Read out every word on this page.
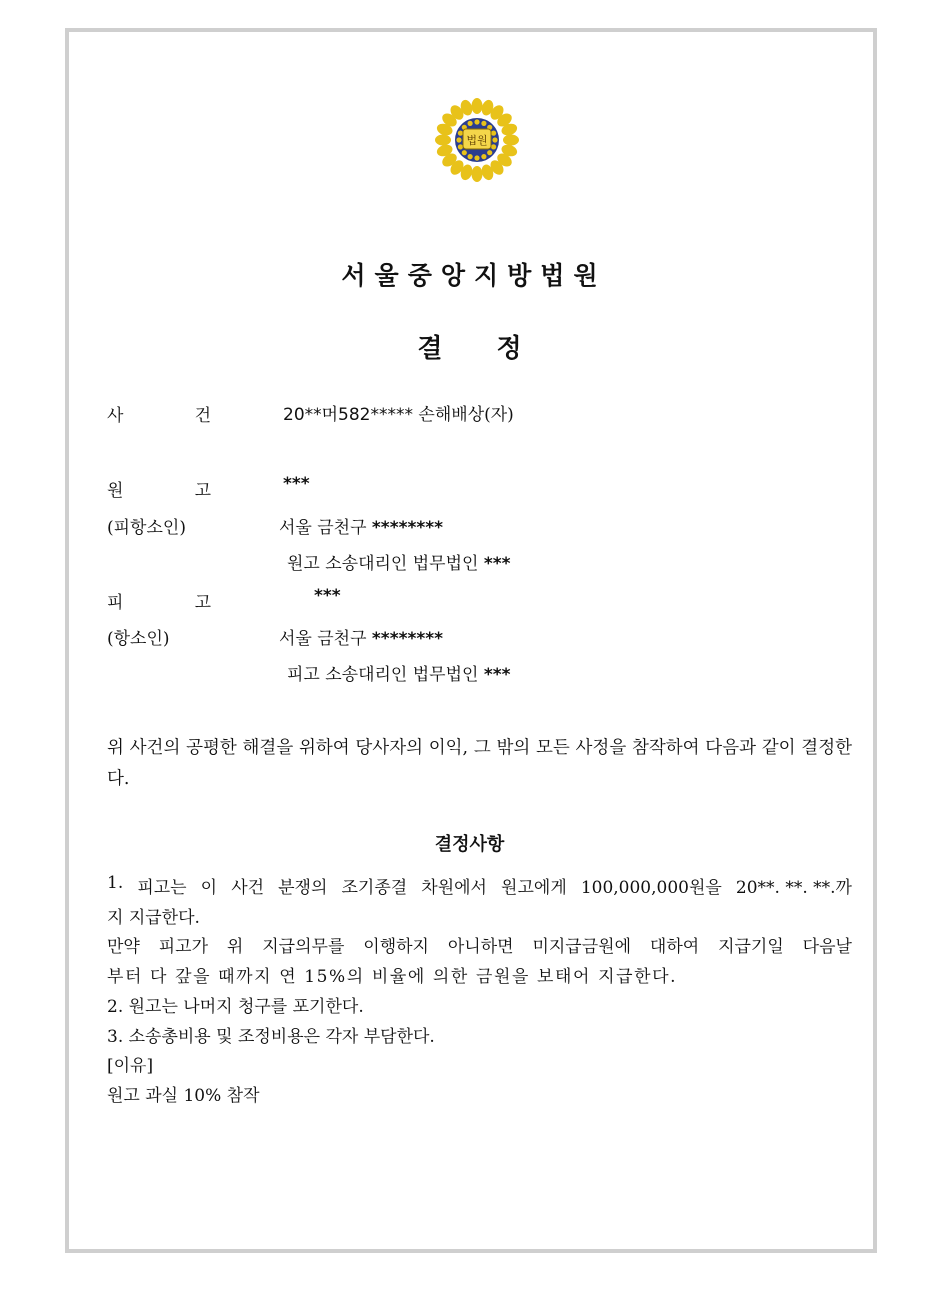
법원
서울중앙지방법원
결정
사	건	20**머582***** 손해배상(자)
원	고	***
(피항소인)	서울 금천구 ********
원고 소송대리인 법무법인 ***
피	고	***
(항소인)	서울 금천구 ********
피고 소송대리인 법무법인 ***
위 사건의 공평한 해결을 위하여 당사자의 이익, 그 밖의 모든 사정을 참작하여 다음과 같이 결정한다.
결정사항
1. 피고는 이 사건 분쟁의 조기종결 차원에서 원고에게 100,000,000원을 20**. **. **.까
지 지급한다.
만약 피고가 위 지급의무를 이행하지 아니하면 미지급금원에 대하여 지급기일 다음날
부터 다 갚을 때까지 연 15%의 비율에 의한 금원을 보태어 지급한다.
2. 원고는 나머지 청구를 포기한다.
3. 소송총비용 및 조정비용은 각자 부담한다.
[이유]
원고 과실 10% 참작
